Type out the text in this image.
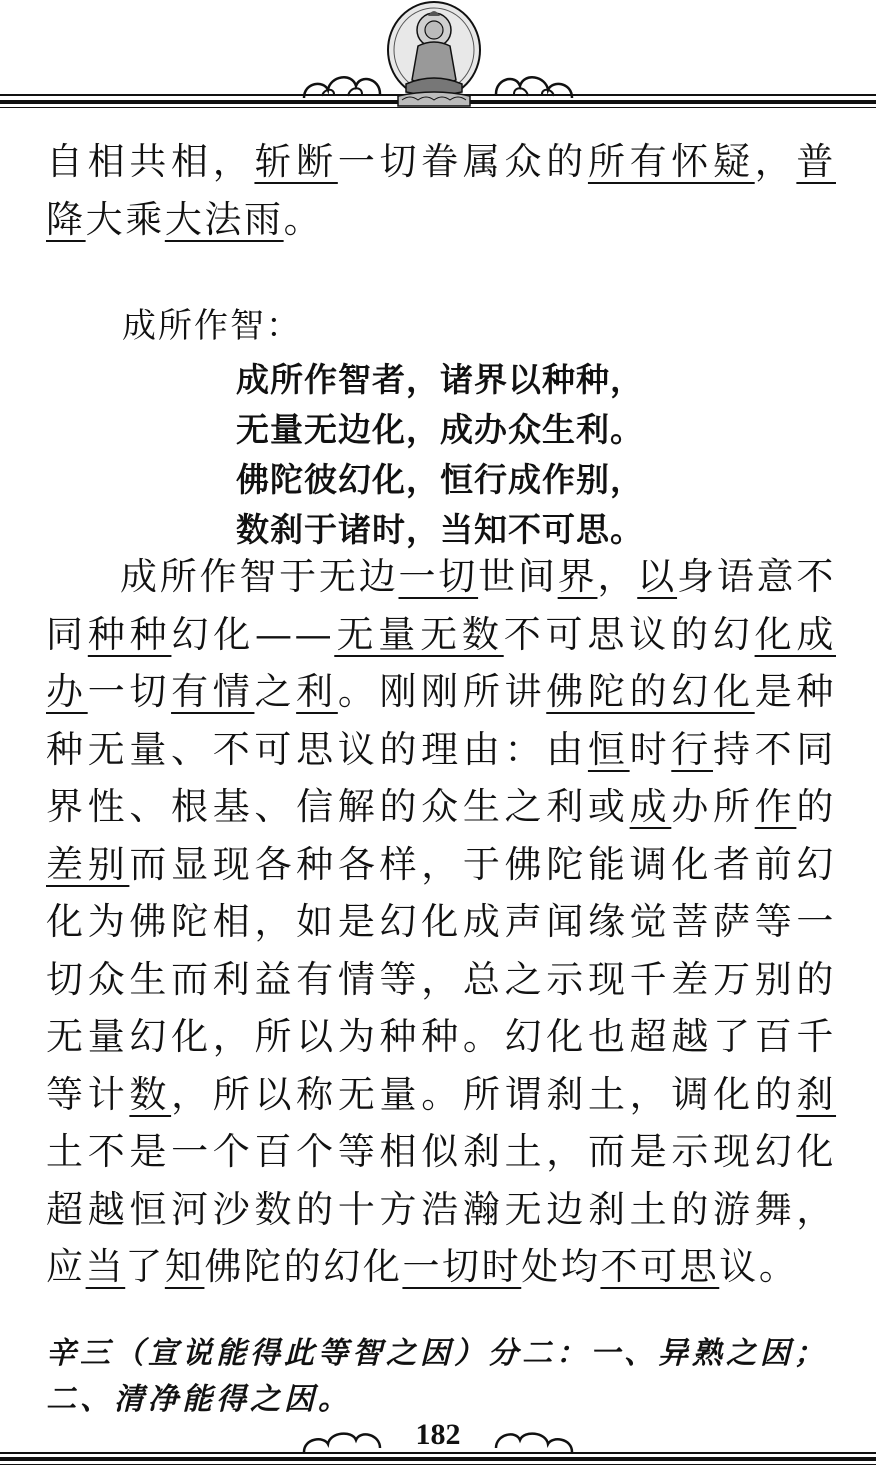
自相共相，斩断一切眷属众的所有怀疑，普降大乘大法雨。

成所作智：
成所作智者，诸界以种种，
无量无边化，成办众生利。
佛陀彼幻化，恒行成作别，
数刹于诸时，当知不可思。

成所作智于无边一切世间界，以身语意不同种种幻化——无量无数不可思议的幻化成办一切有情之利。刚刚所讲佛陀的幻化是种种无量、不可思议的理由：由恒时行持不同界性、根基、信解的众生之利或成办所作的差别而显现各种各样，于佛陀能调化者前幻化为佛陀相，如是幻化成声闻缘觉菩萨等一切众生而利益有情等，总之示现千差万别的无量幻化，所以为种种。幻化也超越了百千等计数，所以称无量。所谓刹土，调化的刹土不是一个百个等相似刹土，而是示现幻化超越恒河沙数的十方浩瀚无边刹土的游舞，应当了知佛陀的幻化一切时处均不可思议。

辛三（宣说能得此等智之因）分二：一、异熟之因；
二、清净能得之因。
182
